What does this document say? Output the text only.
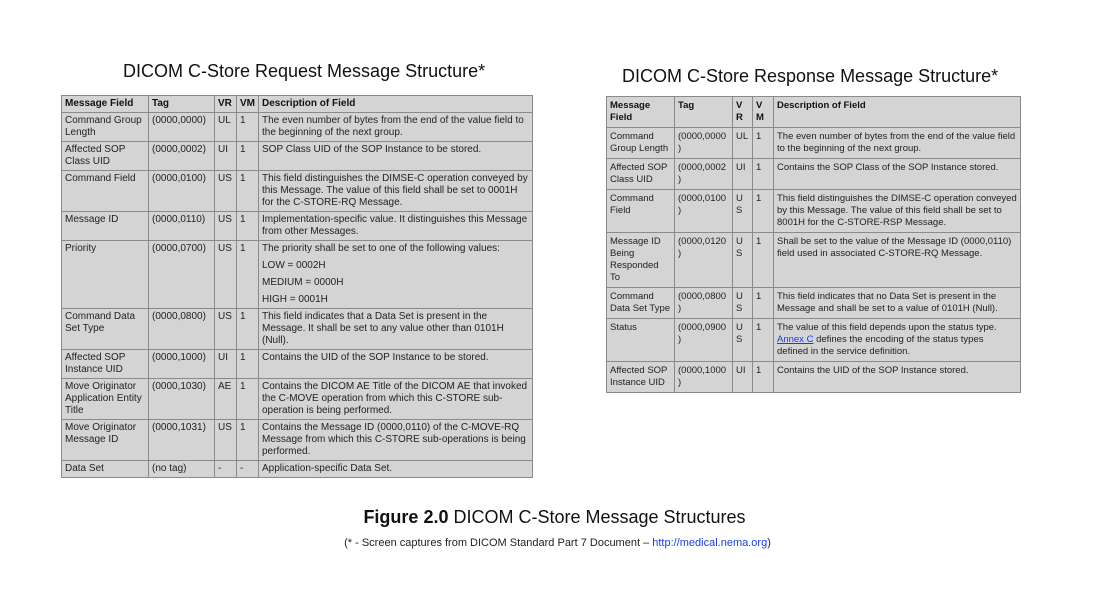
DICOM C-Store Request Message Structure*	DICOM C-Store Response Message Structure*
Message Field	Tag	VR	VM	Description of Field
Command Group Length	(0000,0000)	UL	1	The even number of bytes from the end of the value field to the beginning of the next group.
Affected SOP Class UID	(0000,0002)	UI	1	SOP Class UID of the SOP Instance to be stored.
Command Field	(0000,0100)	US	1	This field distinguishes the DIMSE-C operation conveyed by this Message. The value of this field shall be set to 0001H for the C-STORE-RQ Message.
Message ID	(0000,0110)	US	1	Implementation-specific value. It distinguishes this Message from other Messages.
Priority	(0000,0700)	US	1	The priority shall be set to one of the following values:
LOW = 0002H
MEDIUM = 0000H
HIGH = 0001H

Command Data Set Type	(0000,0800)	US	1	This field indicates that a Data Set is present in the Message. It shall be set to any value other than 0101H (Null).
Affected SOP Instance UID	(0000,1000)	UI	1	Contains the UID of the SOP Instance to be stored.
Move Originator Application Entity Title	(0000,1030)	AE	1	Contains the DICOM AE Title of the DICOM AE that invoked the C-MOVE operation from which this C-STORE sub-operation is being performed.
Move Originator Message ID	(0000,1031)	US	1	Contains the Message ID (0000,0110) of the C-MOVE-RQ Message from which this C-STORE sub-operations is being performed.
Data Set	(no tag)	-	-	Application-specific Data Set.
Message Field	Tag	VR	VM	Description of Field
Command Group Length	(0000,0000)	UL	1	The even number of bytes from the end of the value field to the beginning of the next group.
Affected SOP Class UID	(0000,0002)	UI	1	Contains the SOP Class of the SOP Instance stored.
Command Field	(0000,0100)	US	1	This field distinguishes the DIMSE-C operation conveyed by this Message. The value of this field shall be set to 8001H for the C-STORE-RSP Message.
Message ID Being Responded To	(0000,0120)	US	1	Shall be set to the value of the Message ID (0000,0110) field used in associated C-STORE-RQ Message.
Command Data Set Type	(0000,0800)	US	1	This field indicates that no Data Set is present in the Message and shall be set to a value of 0101H (Null).
Status	(0000,0900)	US	1	The value of this field depends upon the status type. Annex C defines the encoding of the status types defined in the service definition.
Affected SOP Instance UID	(0000,1000)	UI	1	Contains the UID of the SOP Instance stored.
Figure 2.0 DICOM C-Store Message Structures
(* - Screen captures from DICOM Standard Part 7 Document – http://medical.nema.org)
